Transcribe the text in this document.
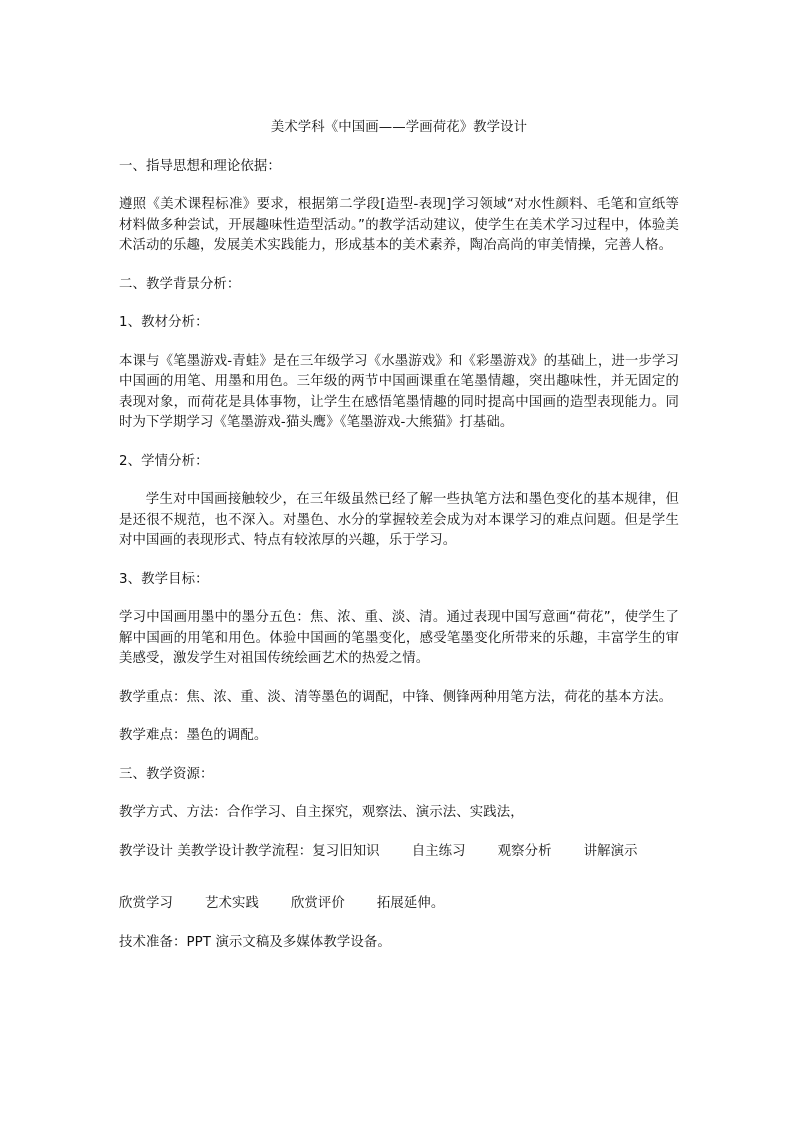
美术学科《中国画——学画荷花》教学设计
一、指导思想和理论依据：
遵照《美术课程标准》要求，根据第二学段[造型-表现]学习领域“对水性颜料、毛笔和宣纸等材料做多种尝试，开展趣味性造型活动。”的教学活动建议，使学生在美术学习过程中，体验美术活动的乐趣，发展美术实践能力，形成基本的美术素养，陶冶高尚的审美情操，完善人格。
二、教学背景分析：
1、教材分析：
本课与《笔墨游戏-青蛙》是在三年级学习《水墨游戏》和《彩墨游戏》的基础上，进一步学习中国画的用笔、用墨和用色。三年级的两节中国画课重在笔墨情趣，突出趣味性，并无固定的表现对象，而荷花是具体事物，让学生在感悟笔墨情趣的同时提高中国画的造型表现能力。同时为下学期学习《笔墨游戏-猫头鹰》《笔墨游戏-大熊猫》打基础。
2、学情分析：
学生对中国画接触较少，在三年级虽然已经了解一些执笔方法和墨色变化的基本规律，但是还很不规范，也不深入。对墨色、水分的掌握较差会成为对本课学习的难点问题。但是学生对中国画的表现形式、特点有较浓厚的兴趣，乐于学习。
3、教学目标：
学习中国画用墨中的墨分五色：焦、浓、重、淡、清。通过表现中国写意画“荷花”，使学生了解中国画的用笔和用色。体验中国画的笔墨变化，感受笔墨变化所带来的乐趣，丰富学生的审美感受，激发学生对祖国传统绘画艺术的热爱之情。
教学重点：焦、浓、重、淡、清等墨色的调配，中锋、侧锋两种用笔方法，荷花的基本方法。
教学难点：墨色的调配。
三、教学资源：
教学方式、方法：合作学习、自主探究，观察法、演示法、实践法，
教学设计 美教学设计教学流程：复习旧知识 自主练习 观察分析 讲解演示
欣赏学习 艺术实践 欣赏评价 拓展延伸。
技术准备：PPT 演示文稿及多媒体教学设备。
